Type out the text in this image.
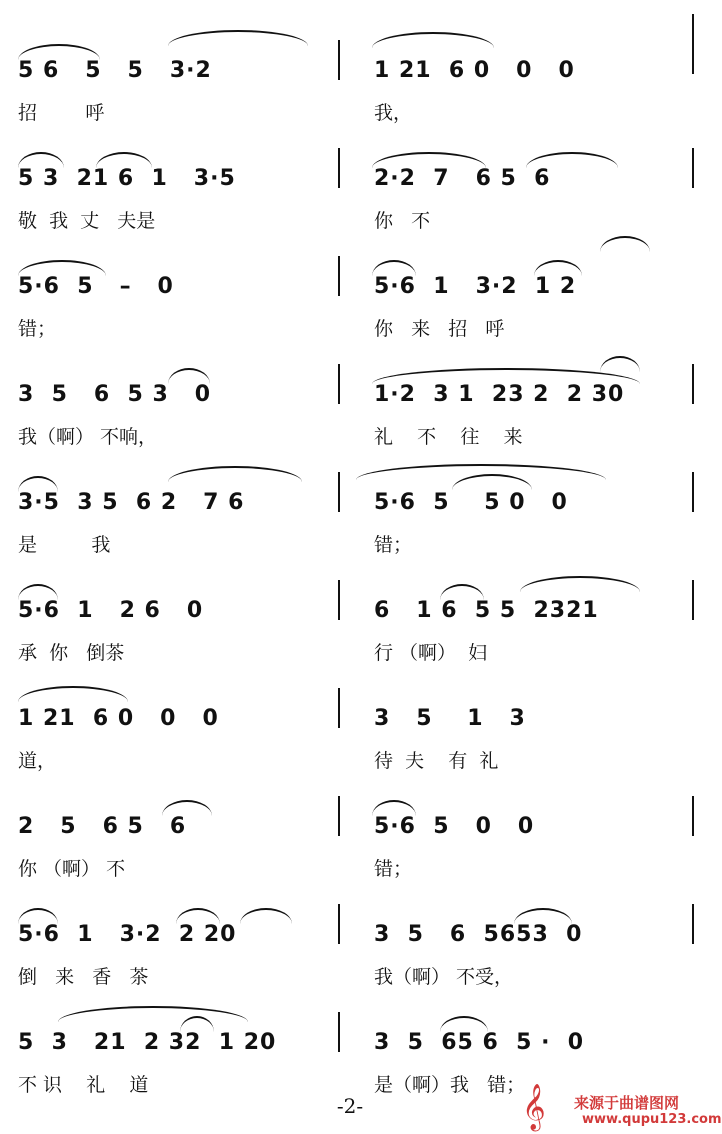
5 6   5   5   3·2
招        呼
1 21  6 0   0   0
我，
5 3  21 6  1   3·5
敬  我  丈   夫是
2·2  7   6 5  6
你   不
5·6  5   –   0
错；
5·6  1   3·2  1 2
你   来   招   呼
3  5   6  5 3   0
我（啊） 不响，
1·2  3 1  23 2  2 30
礼    不    往    来
3·5  3 5  6 2   7 6
是         我
5·6  5    5 0   0
错；
5·6  1   2 6   0
承  你   倒茶
6   1 6  5 5  2321
行 （啊）  妇
1 21  6 0   0   0
道，
3   5    1   3
待  夫    有  礼
2   5   6 5   6
你 （啊） 不
5·6  5   0   0
错；
5·6  1   3·2  2 20
倒   来   香   茶
3  5   6  5653  0
我（啊） 不受，
5  3   21  2 32  1 20
不 识    礼    道
3  5  65 6  5 ·  0
是（啊）我   错；
-2-	𝄞 来源于曲谱图网
www.qupu123.com
